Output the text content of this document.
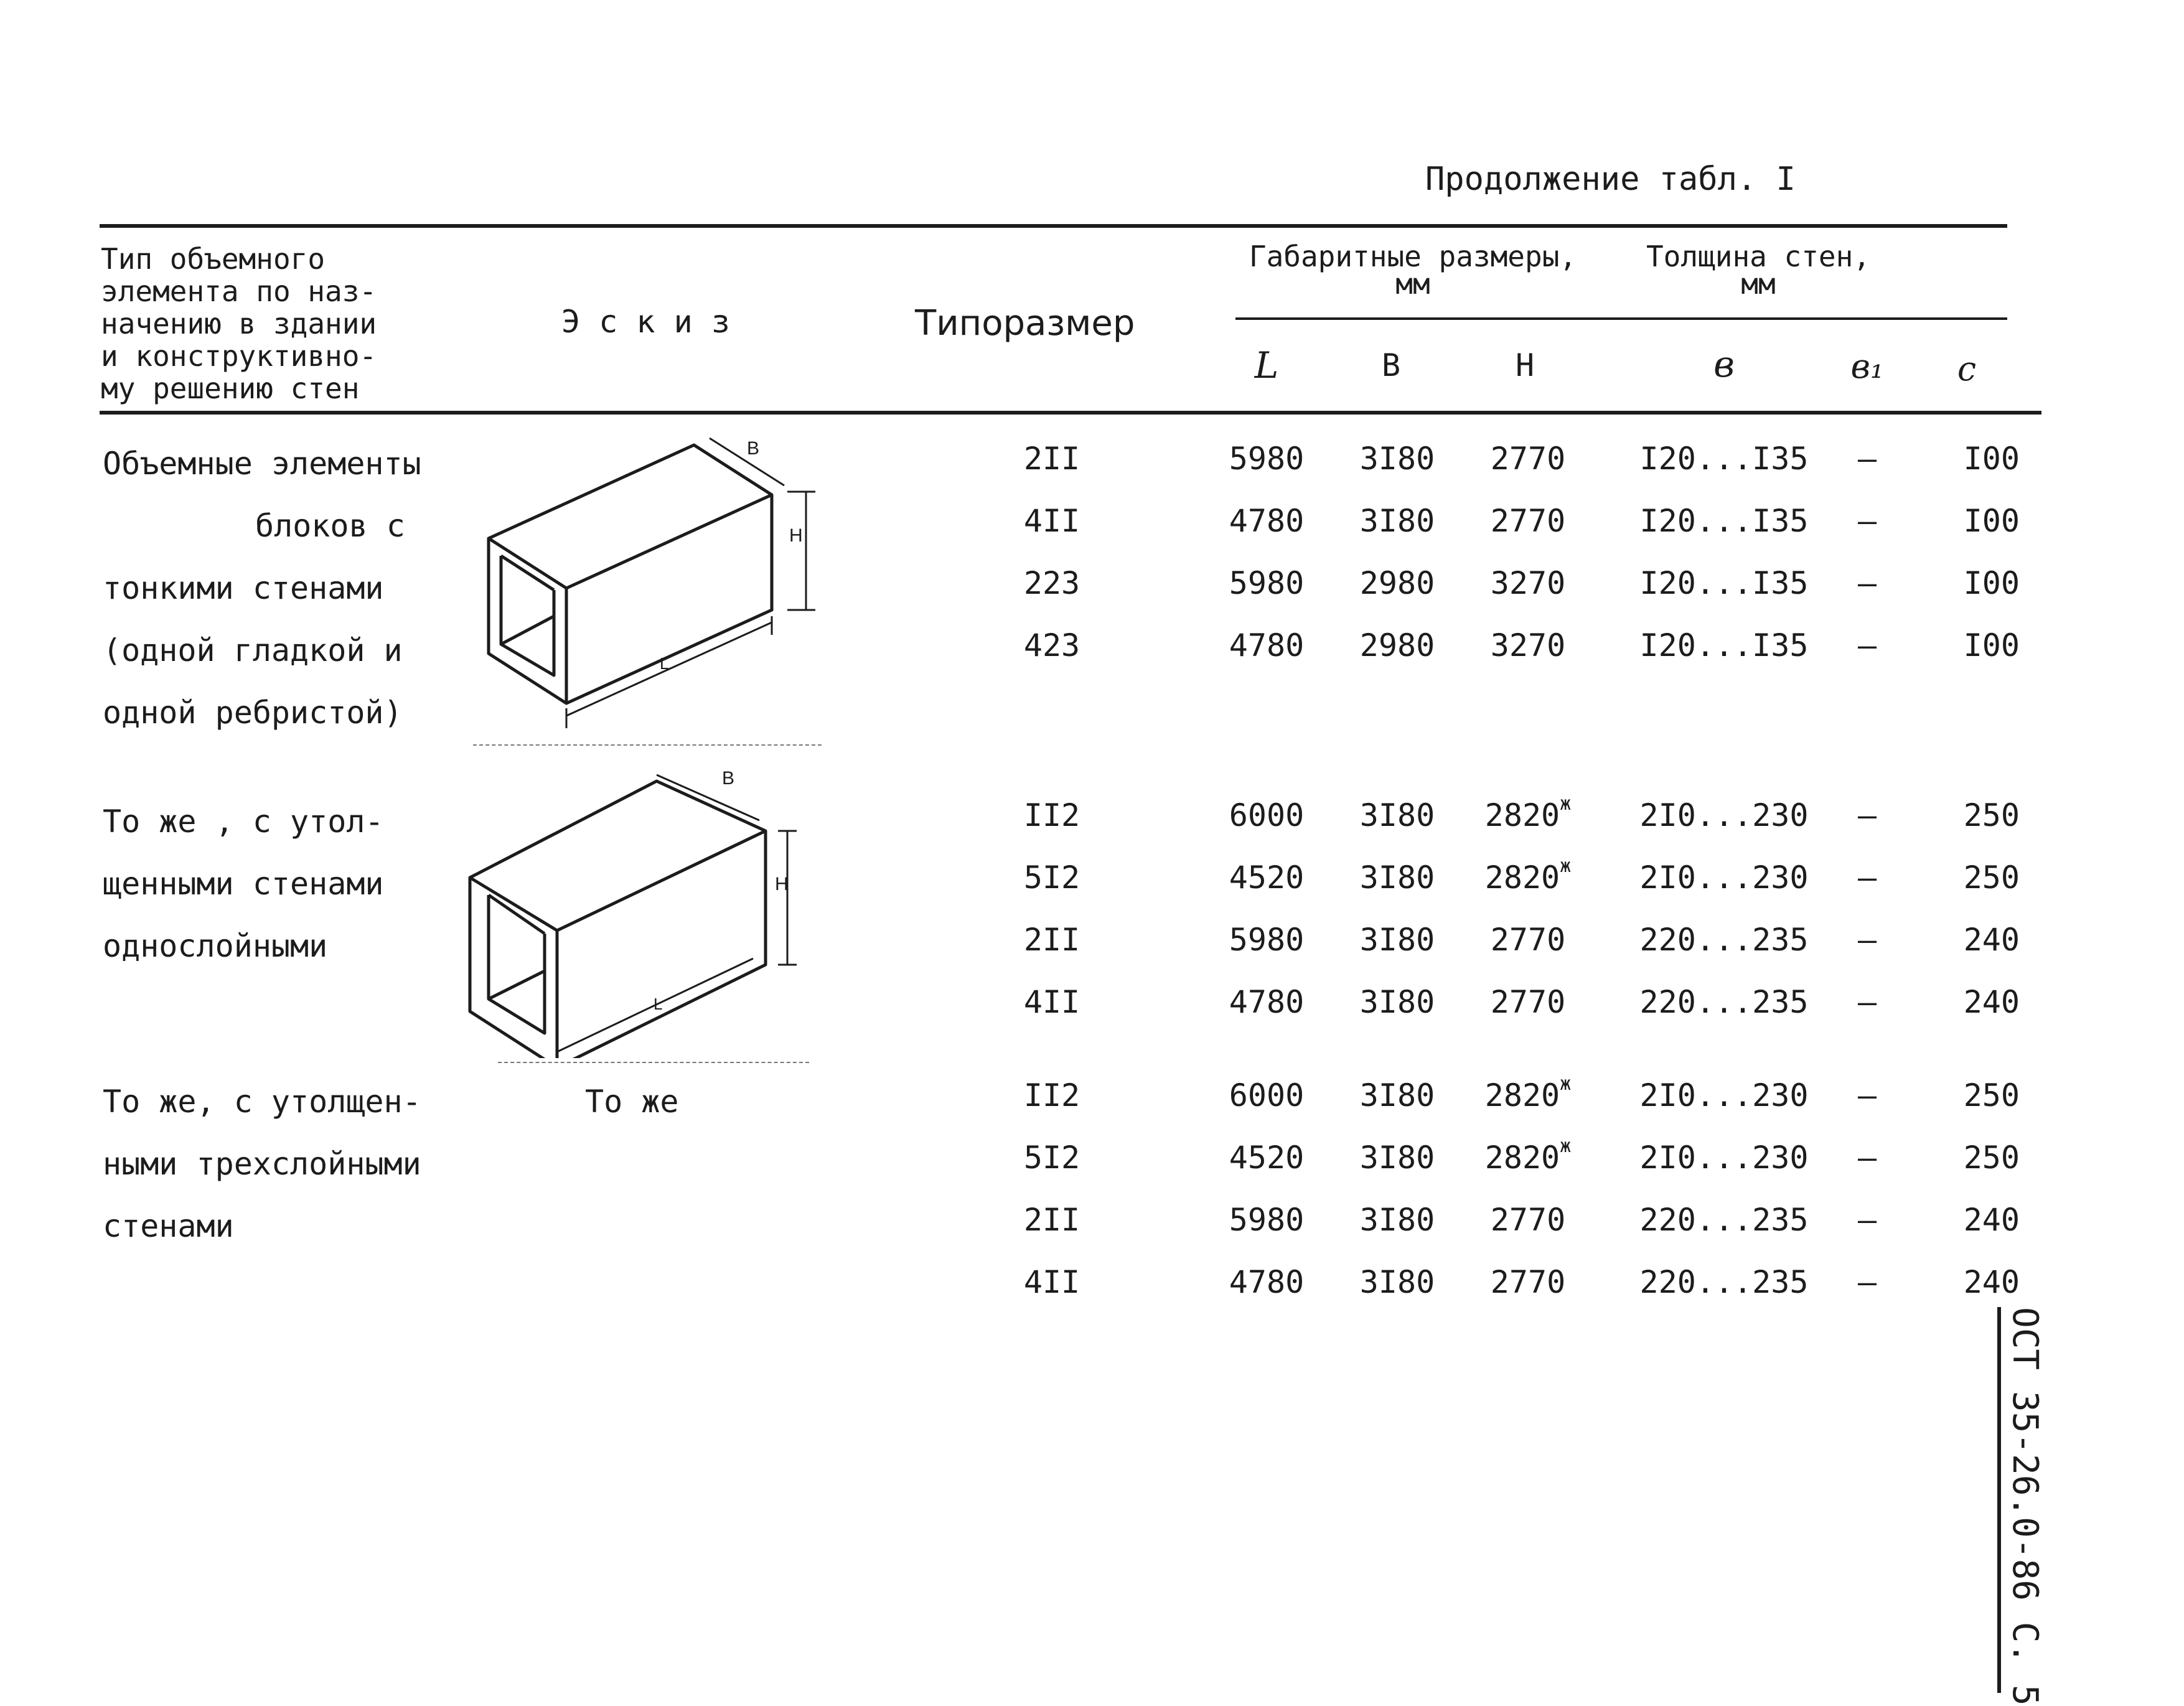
Продолжение табл. I
Тип объемного
элемента по наз-
начению в здании
и конструктивно-
му решению стен
Э с к и з	Типоразмер
Габаритные размеры,
мм
Толщина стен,
мм
L	B	H	в	в₁	с
Объемные элементы
блоков с
тонкими стенами
(одной гладкой и
одной ребристой)
То же , с утол-
щенными стенами
однослойными
То же, с утолщен-
ными трехслойными
стенами
То же
B
H
L
B
H
L
2II	5980	3I80	2770	I20...I35	–	I00
4II	4780	3I80	2770	I20...I35	–	I00
223	5980	2980	3270	I20...I35	–	I00
423	4780	2980	3270	I20...I35	–	I00
II2	6000	3I80	$2820^ж$	2I0...230	–	250
5I2	4520	3I80	$2820^ж$	2I0...230	–	250
2II	5980	3I80	2770	220...235	–	240
4II	4780	3I80	2770	220...235	–	240
II2	6000	3I80	$2820^ж$	2I0...230	–	250
5I2	4520	3I80	$2820^ж$	2I0...230	–	250
2II	5980	3I80	2770	220...235	–	240
4II	4780	3I80	2770	220...235	–	240
ОСТ 35-26.0-86 С. 5
